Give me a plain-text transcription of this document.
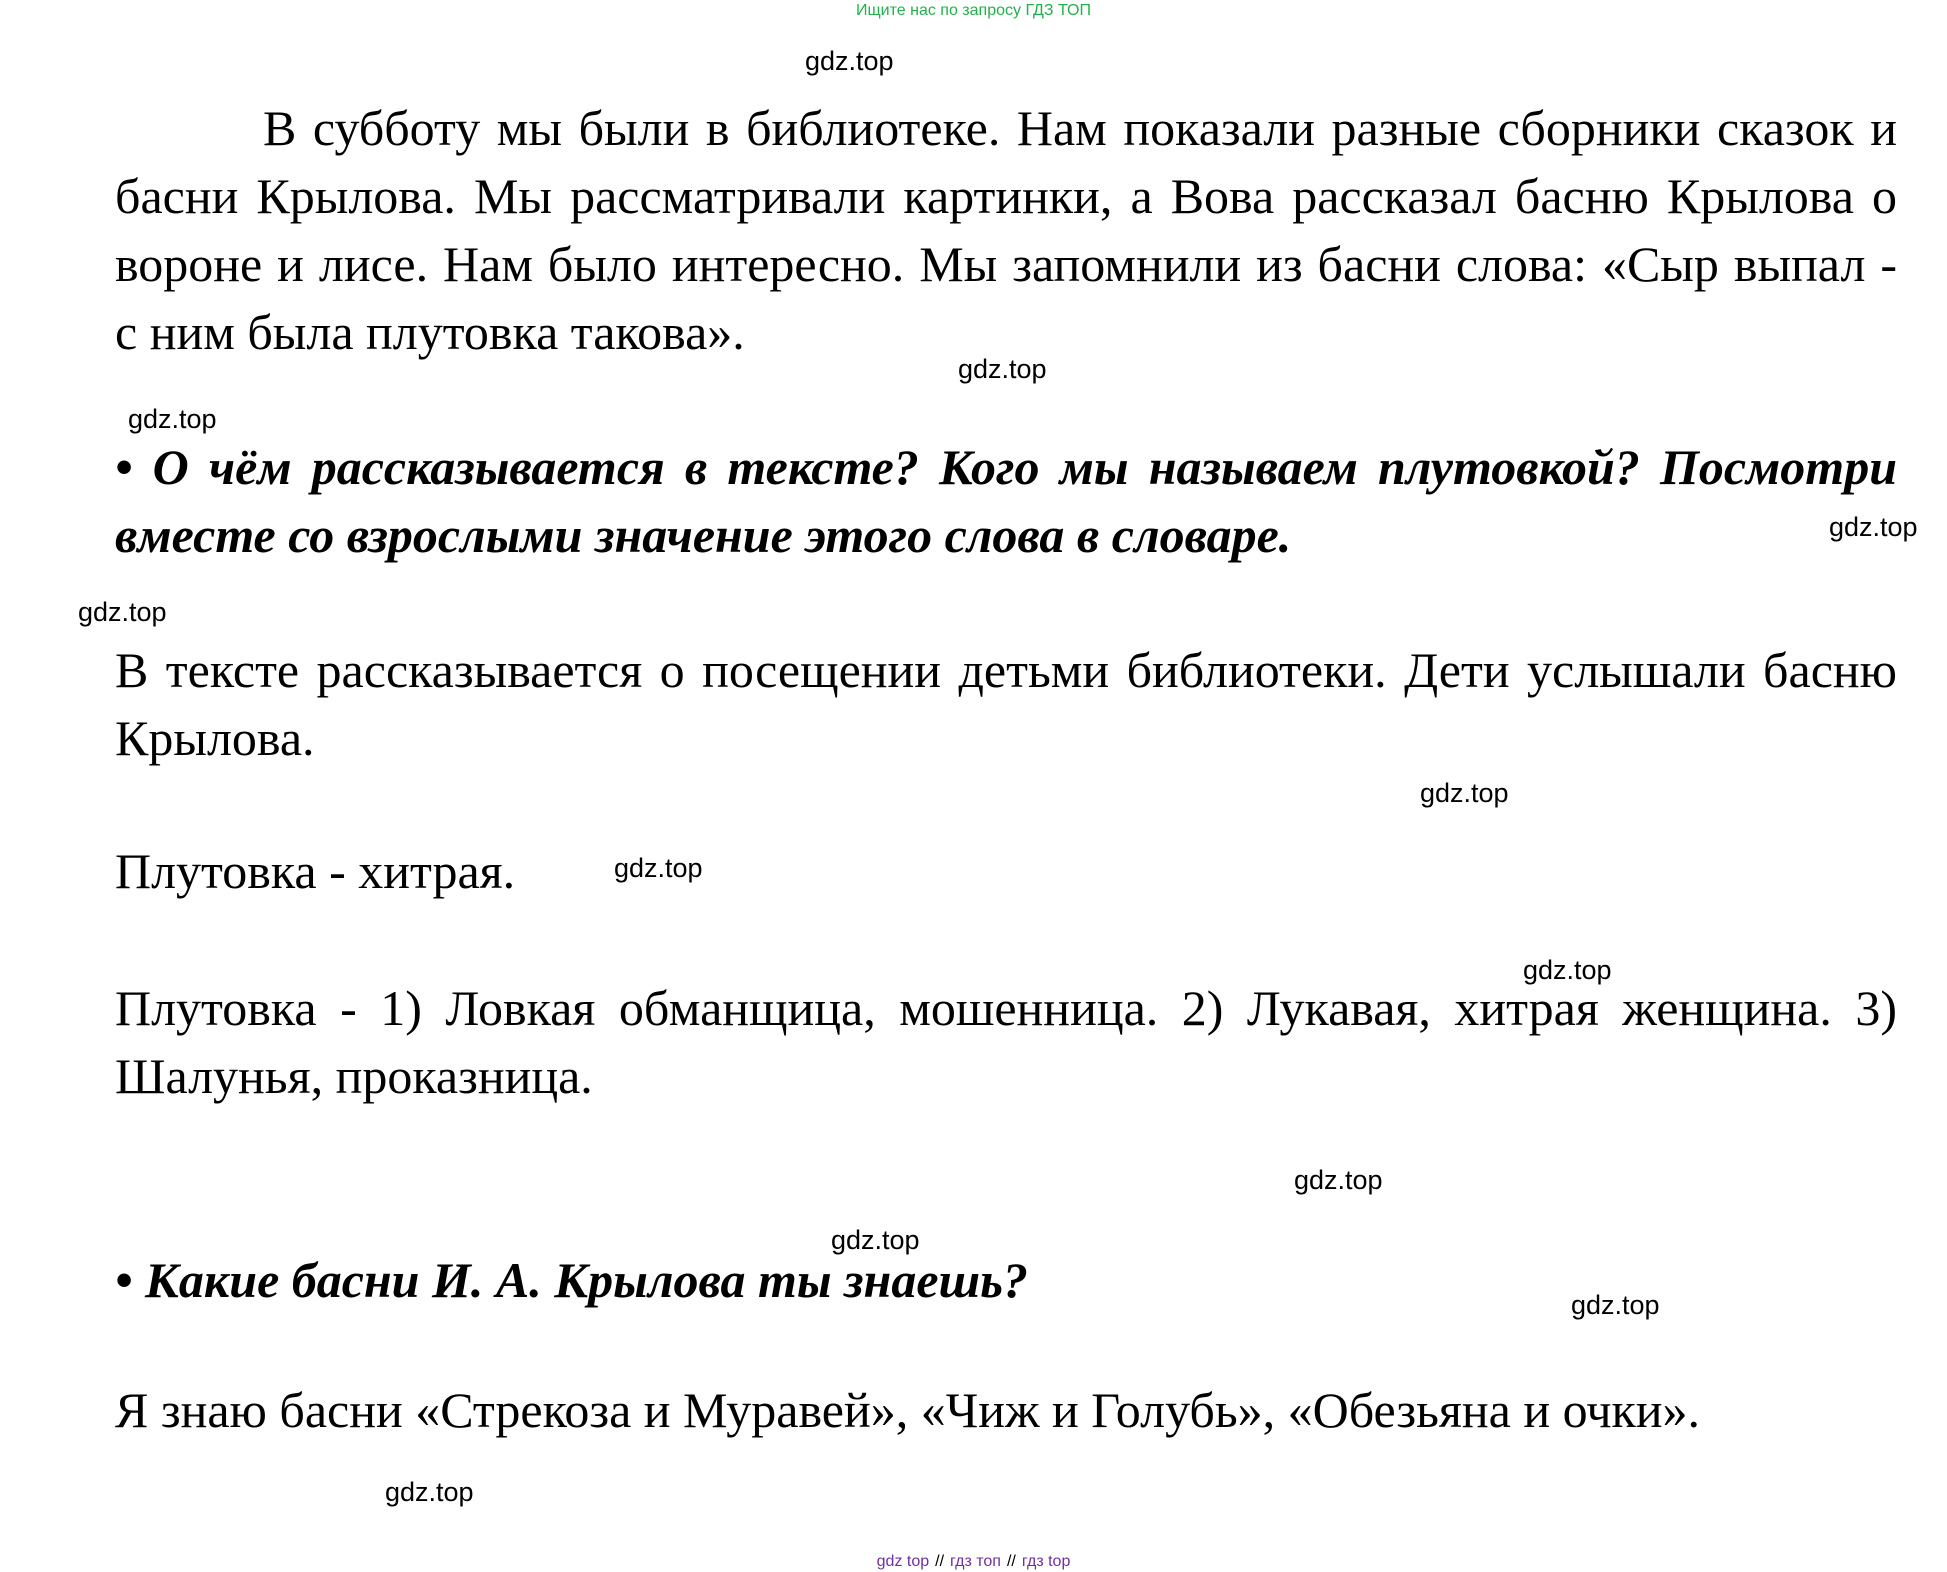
Ищите нас по запросу ГДЗ ТОП
gdz.top

В субботу мы были в библиотеке. Нам показали разные сборники сказок и басни Крылова. Мы рассматривали картинки, а Вова рассказал басню Крылова о вороне и лисе. Нам было интересно. Мы запомнили из басни слова: «Сыр выпал - с ним была плутовка такова».

gdz.top
gdz.top

• О чём рассказывается в тексте? Кого мы называем плутовкой? Посмотри вместе со взрослыми значение этого слова в словаре.	gdz.top
gdz.top

В тексте рассказывается о посещении детьми библиотеки. Дети услышали басню Крылова.

gdz.top

Плутовка - хитрая.	gdz.top
gdz.top

Плутовка - 1) Ловкая обманщица, мошенница. 2) Лукавая, хитрая женщина. 3) Шалунья, проказница.

gdz.top
gdz.top

• Какие басни И. А. Крылова ты знаешь?	gdz.top

Я знаю басни «Стрекоза и Муравей», «Чиж и Голубь», «Обезьяна и очки».

gdz.top
gdz top // гдз топ // гдз top
